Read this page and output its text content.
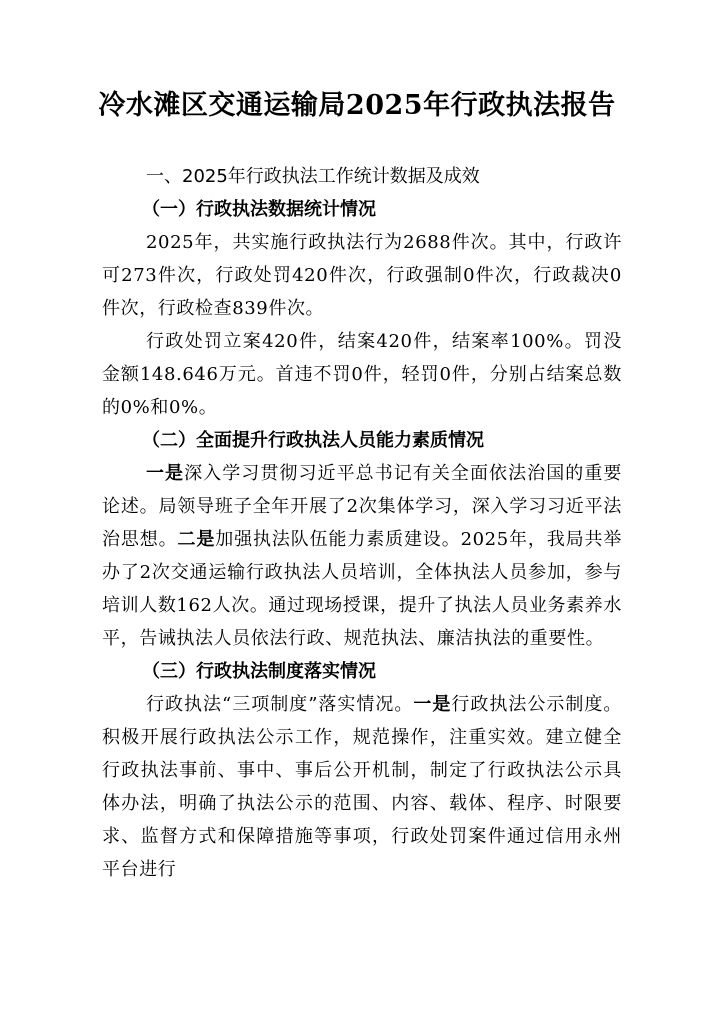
冷水滩区交通运输局2025年行政执法报告
一、2025年行政执法工作统计数据及成效
（一）行政执法数据统计情况

2025年，共实施行政执法行为2688件次。其中，行政许可273件次，行政处罚420件次，行政强制0件次，行政裁决0件次，行政检查839件次。

行政处罚立案420件，结案420件，结案率100%。罚没金额148.646万元。首违不罚0件，轻罚0件，分别占结案总数的0%和0%。

（二）全面提升行政执法人员能力素质情况

一是深入学习贯彻习近平总书记有关全面依法治国的重要论述。局领导班子全年开展了2次集体学习，深入学习习近平法治思想。二是加强执法队伍能力素质建设。2025年，我局共举办了2次交通运输行政执法人员培训，全体执法人员参加，参与培训人数162人次。通过现场授课，提升了执法人员业务素养水平，告诫执法人员依法行政、规范执法、廉洁执法的重要性。

（三）行政执法制度落实情况

行政执法“三项制度”落实情况。一是行政执法公示制度。积极开展行政执法公示工作，规范操作，注重实效。建立健全行政执法事前、事中、事后公开机制，制定了行政执法公示具体办法，明确了执法公示的范围、内容、载体、程序、时限要求、监督方式和保障措施等事项，行政处罚案件通过信用永州平台进行
